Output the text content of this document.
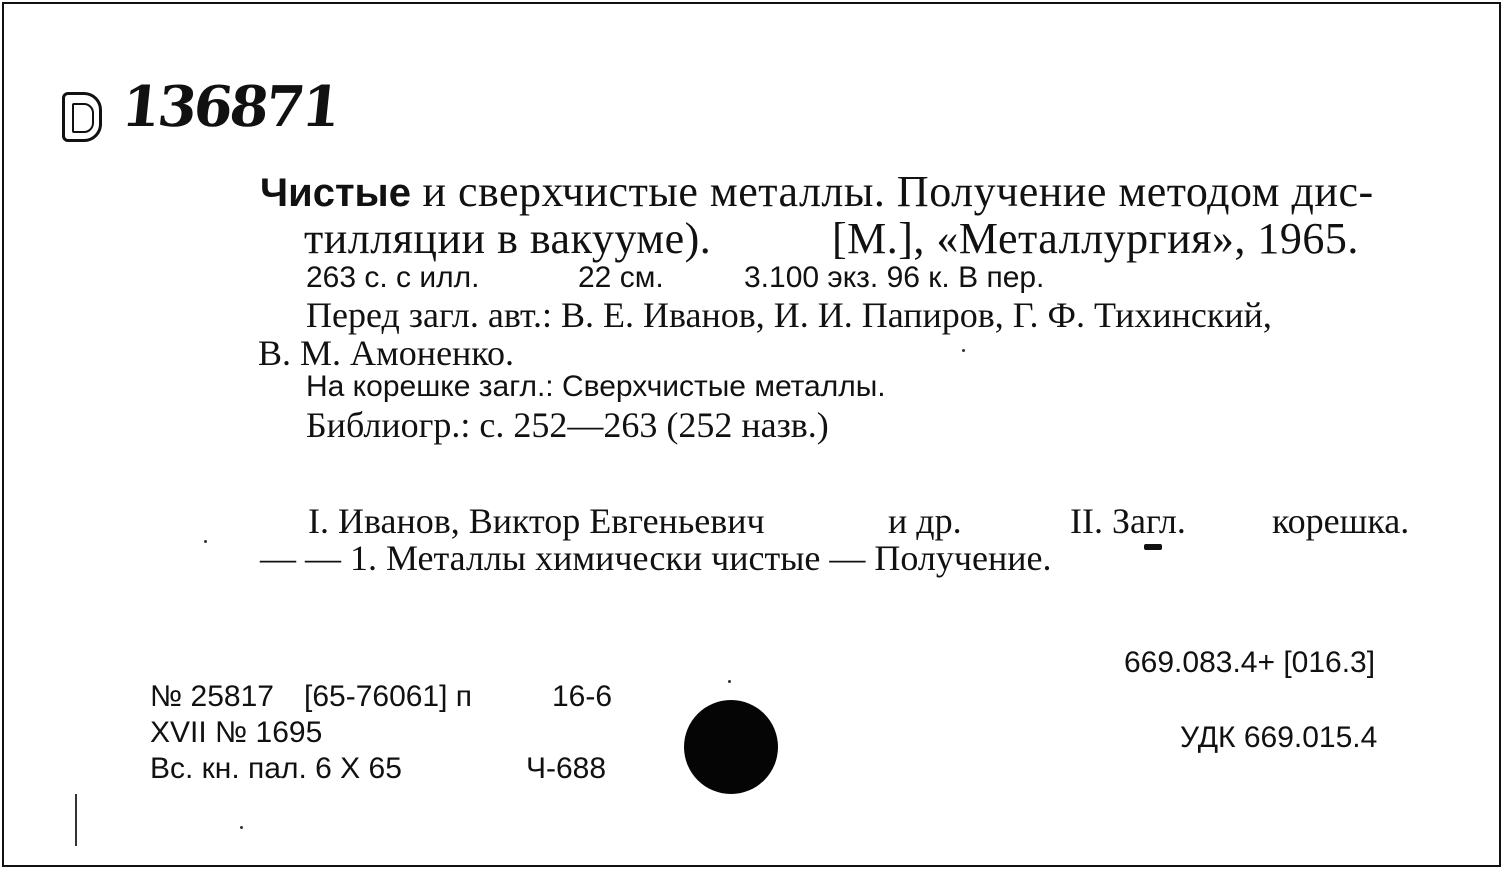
136871
Чистые и сверхчистые металлы. Получение методом дис-
тилляции в вакууме).	[М.], «Металлургия», 1965.
263 с. с илл.	22 см.	3.100 экз. 96 к. В пер.
Перед загл. авт.: В. Е. Иванов, И. И. Папиров, Г. Ф. Тихинский,
В. М. Амоненко.
На корешке загл.: Сверхчистые металлы.
Библиогр.: с. 252—263 (252 назв.)
I. Иванов, Виктор Евгеньевич	и др.	II. Загл. корешка.
— — 1. Металлы химически чистые — Получение.
669.083.4+ [016.3]
УДК 669.015.4
№ 25817 [65-76061] п	16-6
XVII № 1695
Вс. кн. пал. 6 X 65	Ч-688
